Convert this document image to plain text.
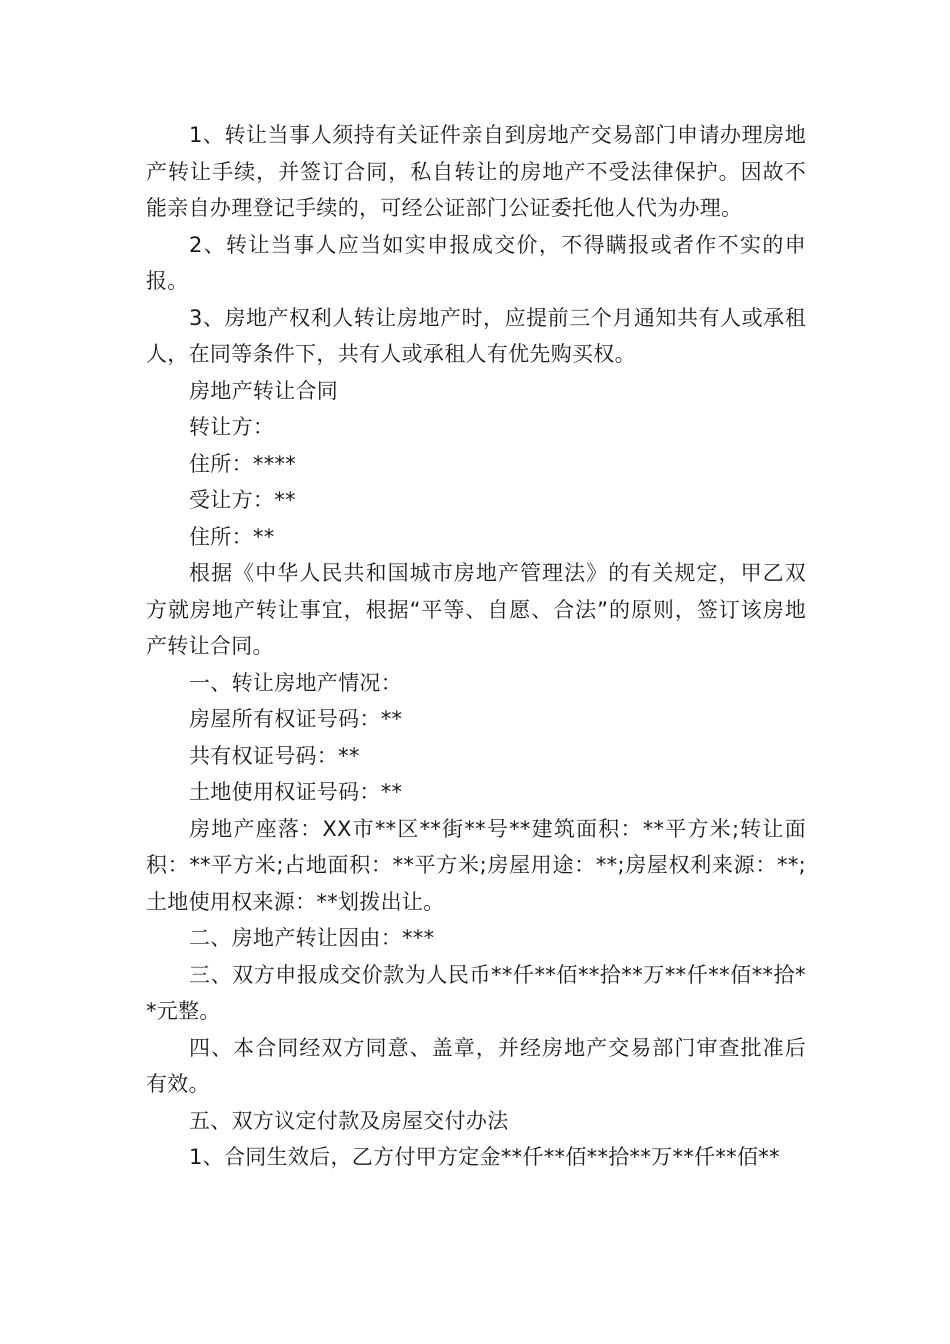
1、转让当事人须持有关证件亲自到房地产交易部门申请办理房地产转让手续，并签订合同，私自转让的房地产不受法律保护。因故不能亲自办理登记手续的，可经公证部门公证委托他人代为办理。

2、转让当事人应当如实申报成交价，不得瞒报或者作不实的申报。

3、房地产权利人转让房地产时，应提前三个月通知共有人或承租人，在同等条件下，共有人或承租人有优先购买权。

房地产转让合同

转让方：

住所：****

受让方：**

住所：**

根据《中华人民共和国城市房地产管理法》的有关规定，甲乙双方就房地产转让事宜，根据“平等、自愿、合法”的原则，签订该房地产转让合同。

一、转让房地产情况：

房屋所有权证号码：**

共有权证号码：**

土地使用权证号码：**

房地产座落：XX市**区**街**号**建筑面积：**平方米;转让面积：**平方米;占地面积：**平方米;房屋用途：**;房屋权利来源：**;土地使用权来源：**划拨出让。

二、房地产转让因由：***

三、双方申报成交价款为人民币**仟**佰**拾**万**仟**佰**拾**元整。

四、本合同经双方同意、盖章，并经房地产交易部门审查批准后有效。

五、双方议定付款及房屋交付办法

1、合同生效后，乙方付甲方定金**仟**佰**拾**万**仟**佰**
